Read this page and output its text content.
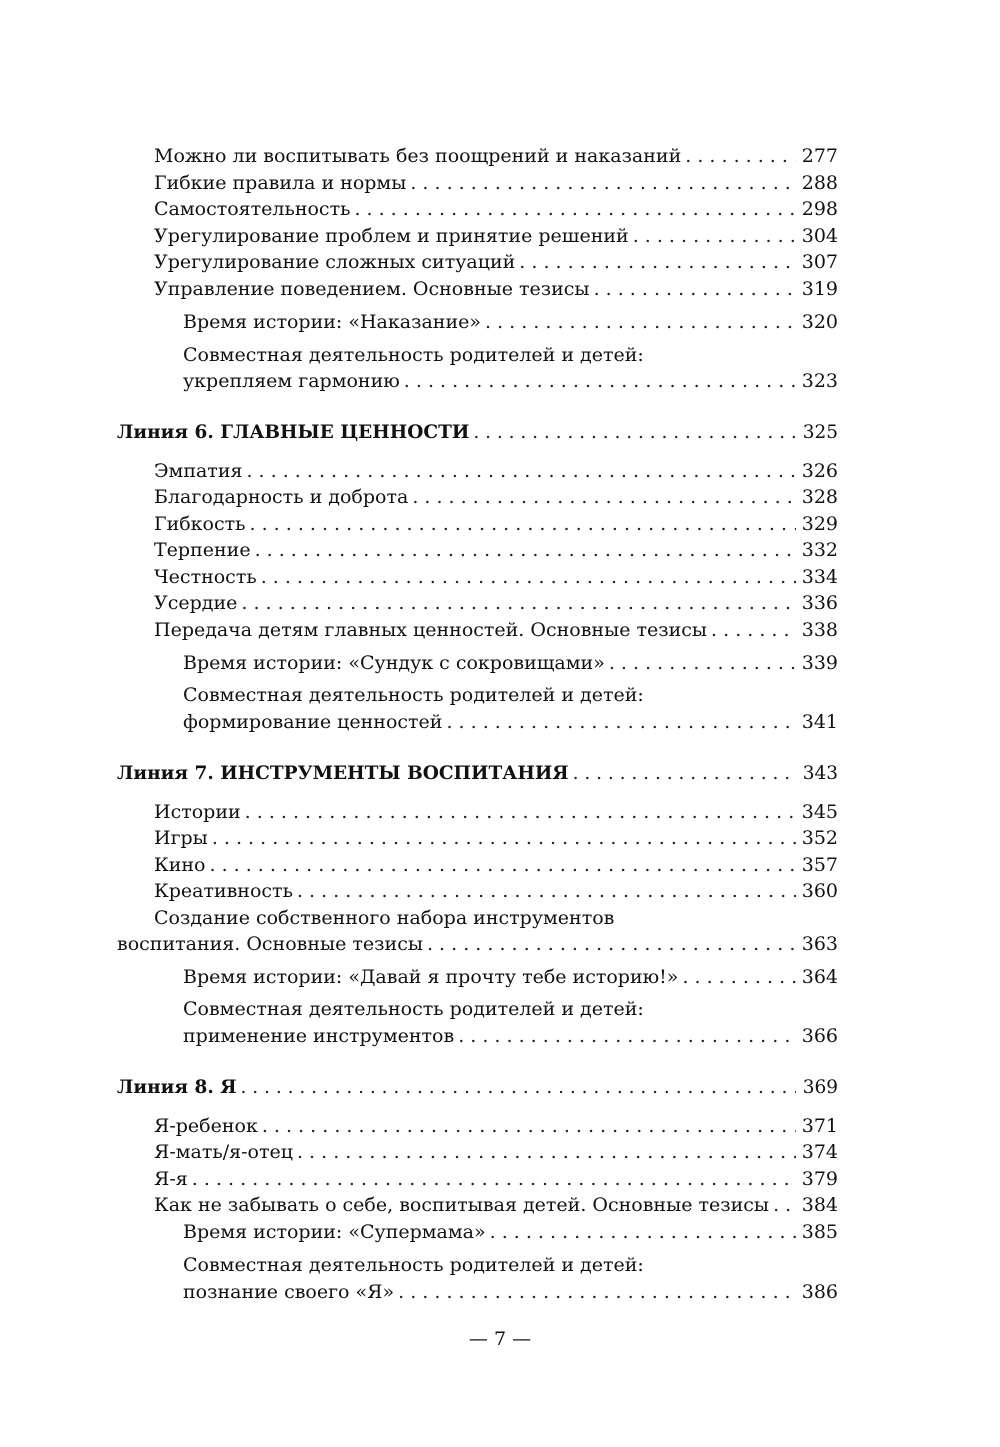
Можно ли воспитывать без поощрений и наказаний . . .	277
Гибкие правила и нормы . . .	288
Самостоятельность . . .	298
Урегулирование проблем и принятие решений . . .	304
Урегулирование сложных ситуаций . . .	307
Управление поведением. Основные тезисы . . .	319
Время истории: «Наказание» . . .	320
Совместная деятельность родителей и детей:
укрепляем гармонию . . .	323
Линия 6. ГЛАВНЫЕ ЦЕННОСТИ . . .	325
Эмпатия . . .	326
Благодарность и доброта . . .	328
Гибкость . . .	329
Терпение . . .	332
Честность . . .	334
Усердие . . .	336
Передача детям главных ценностей. Основные тезисы . . .	338
Время истории: «Сундук с сокровищами» . . .	339
Совместная деятельность родителей и детей:
формирование ценностей . . .	341
Линия 7. ИНСТРУМЕНТЫ ВОСПИТАНИЯ . . .	343
Истории . . .	345
Игры . . .	352
Кино . . .	357
Креативность . . .	360
Создание собственного набора инструментов
воспитания. Основные тезисы . . .	363
Время истории: «Давай я прочту тебе историю!» . . .	364
Совместная деятельность родителей и детей:
применение инструментов . . .	366
Линия 8. Я . . .	369
Я-ребенок . . .	371
Я-мать/я-отец . . .	374
Я-я . . .	379
Как не забывать о себе, воспитывая детей. Основные тезисы . . .	384
Время истории: «Супермама» . . .	385
Совместная деятельность родителей и детей:
познание своего «Я» . . .	386
— 7 —
